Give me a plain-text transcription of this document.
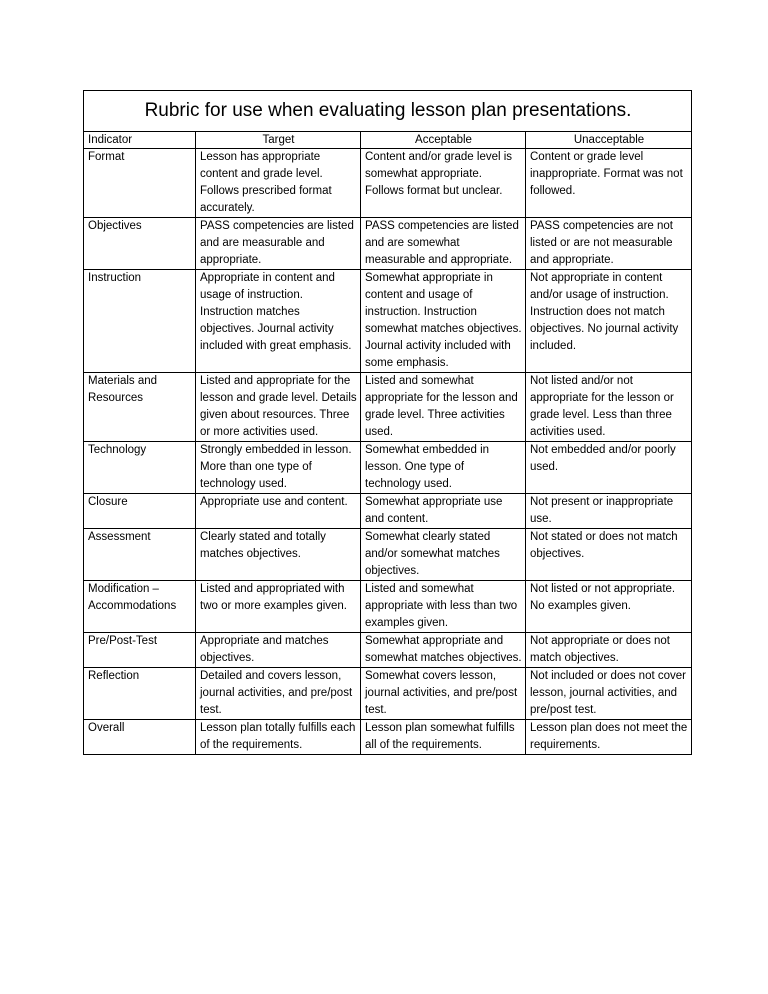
Rubric for use when evaluating lesson plan presentations.			
Indicator	Target	Acceptable	Unacceptable
Format	Lesson has appropriate content and grade level. Follows prescribed format accurately.	Content and/or grade level is somewhat appropriate. Follows format but unclear.	Content or grade level inappropriate. Format was not followed.
Objectives	PASS competencies are listed and are measurable and appropriate.	PASS competencies are listed and are somewhat measurable and appropriate.	PASS competencies are not listed or are not measurable and appropriate.
Instruction	Appropriate in content and usage of instruction. Instruction matches objectives. Journal activity included with great emphasis.	Somewhat appropriate in content and usage of instruction. Instruction somewhat matches objectives. Journal activity included with some emphasis.	Not appropriate in content and/or usage of instruction. Instruction does not match objectives. No journal activity included.
Materials and Resources	Listed and appropriate for the lesson and grade level. Details given about resources. Three or more activities used.	Listed and somewhat appropriate for the lesson and grade level. Three activities used.	Not listed and/or not appropriate for the lesson or grade level. Less than three activities used.
Technology	Strongly embedded in lesson. More than one type of technology used.	Somewhat embedded in lesson. One type of technology used.	Not embedded and/or poorly used.
Closure	Appropriate use and content.	Somewhat appropriate use and content.	Not present or inappropriate use.
Assessment	Clearly stated and totally matches objectives.	Somewhat clearly stated and/or somewhat matches objectives.	Not stated or does not match objectives.
Modification – Accommodations	Listed and appropriated with two or more examples given.	Listed and somewhat appropriate with less than two examples given.	Not listed or not appropriate. No examples given.
Pre/Post-Test	Appropriate and matches objectives.	Somewhat appropriate and somewhat matches objectives.	Not appropriate or does not match objectives.
Reflection	Detailed and covers lesson, journal activities, and pre/post test.	Somewhat covers lesson, journal activities, and pre/post test.	Not included or does not cover lesson, journal activities, and pre/post test.
Overall	Lesson plan totally fulfills each of the requirements.	Lesson plan somewhat fulfills all of the requirements.	Lesson plan does not meet the requirements.
